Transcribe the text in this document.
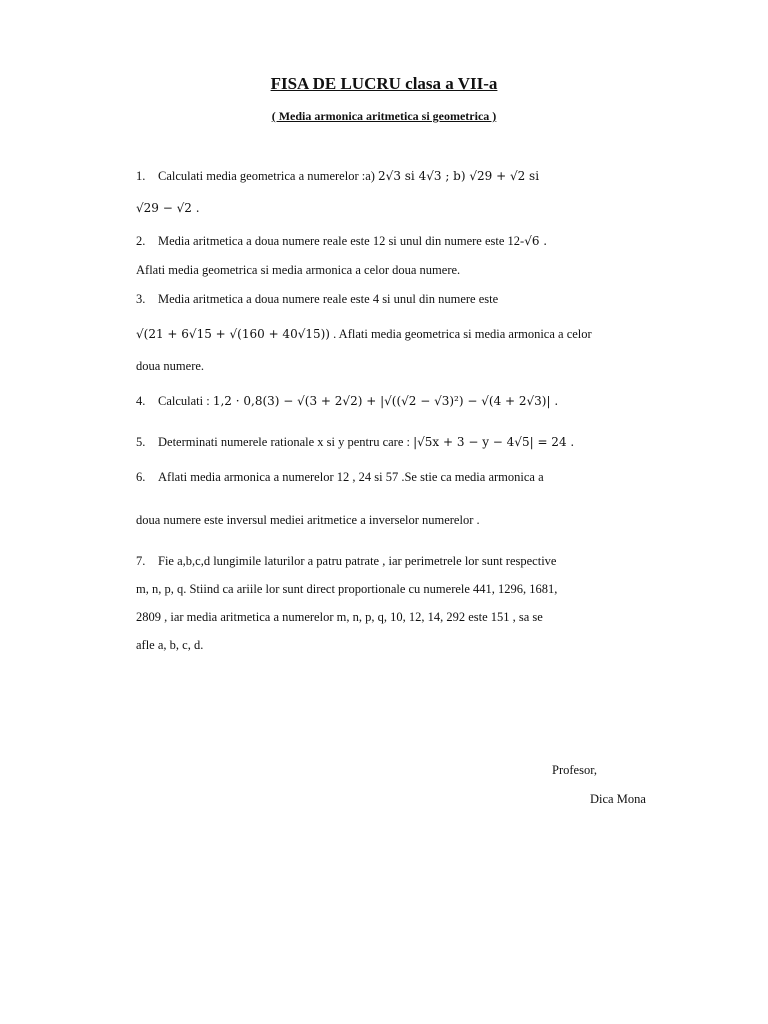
FISA DE LUCRU clasa a VII-a
( Media armonica aritmetica si geometrica )
1. Calculati media geometrica a numerelor :a) 2√3 si 4√3 ; b) √29 + √2 si
√29 − √2 .
2. Media aritmetica a doua numere reale este 12 si unul din numere este 12-√6 .
Aflati media geometrica si media armonica a celor doua numere.
3. Media aritmetica a doua numere reale este 4 si unul din numere este
√(21 + 6√15 + √(160 + 40√15)) . Aflati media geometrica si media armonica a celor
doua numere.
4. Calculati : 1,2 · 0,8(3) − √(3 + 2√2) + |√((√2 − √3)²) − √(4 + 2√3)| .
5. Determinati numerele rationale x si y pentru care : |√5x + 3 − y − 4√5| = 24 .
6. Aflati media armonica a numerelor 12 , 24 si 57 .Se stie ca media armonica a
doua numere este inversul mediei aritmetice a inverselor numerelor .
7. Fie a,b,c,d lungimile laturilor a patru patrate , iar perimetrele lor sunt respective
m, n, p, q. Stiind ca ariile lor sunt direct proportionale cu numerele 441, 1296, 1681,
2809 , iar media aritmetica a numerelor m, n, p, q, 10, 12, 14, 292 este 151 , sa se
afle a, b, c, d.
Profesor,
Dica Mona
